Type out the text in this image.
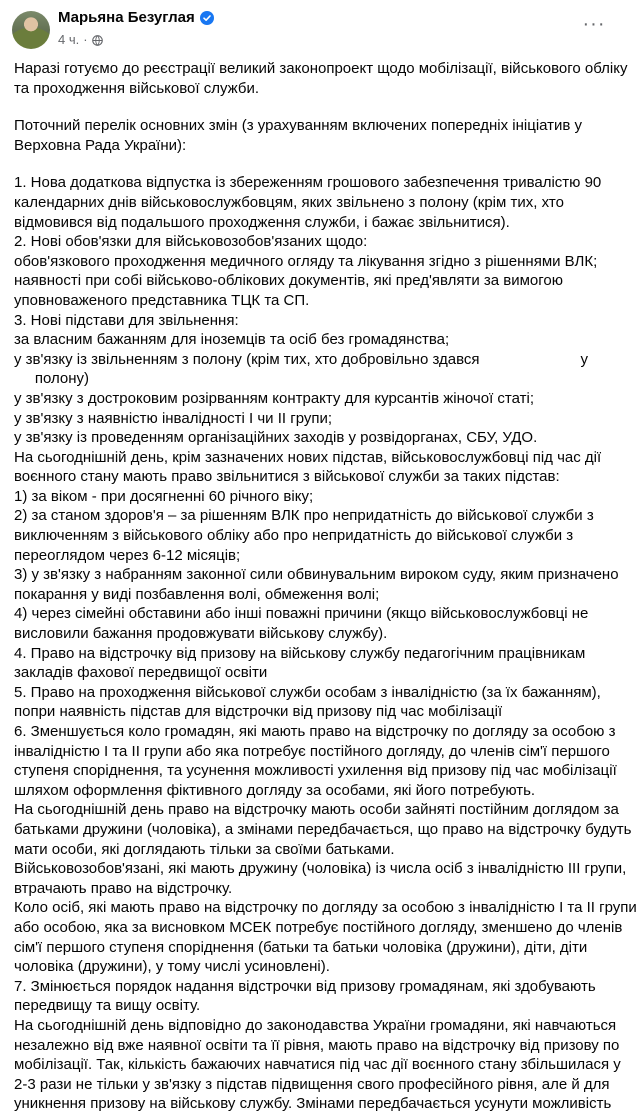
Марьяна Безуглая
4 ч. ·
···

Наразі готуємо до реєстрації великий законопроект щодо мобілізації, військового обліку
та проходження військової служби.

Поточний перелік основних змін (з урахуванням включених попередніх ініціатив у
Верховна Рада України):

1. Нова додаткова відпустка із збереженням грошового забезпечення тривалістю 90
календарних днів військовослужбовцям, яких звільнено з полону (крім тих, хто
відмовився від подальшого проходження служби, і бажає звільнитися).
2. Нові обов'язки для військовозобов'язаних щодо:
обов'язкового проходження медичного огляду та лікування згідно з рішеннями ВЛК;
наявності при собі військово-облікових документів, які пред'являти за вимогою
уповноваженого представника ТЦК та СП.
3. Нові підстави для звільнення:
за власним бажанням для іноземців та осіб без громадянства;
у зв'язку із звільненням з полону (крім тих, хто добровільно здався	у
полону)
у зв'язку з достроковим розірванням контракту для курсантів жіночої статі;
у зв'язку з наявністю інвалідності I чи II групи;
у зв'язку із проведенням організаційних заходів у розвідорганах, СБУ, УДО.
На сьогоднішній день, крім зазначених нових підстав, військовослужбовці під час дії
воєнного стану мають право звільнитися з військової служби за таких підстав:
1) за віком - при досягненні 60 річного віку;
2) за станом здоров'я – за рішенням ВЛК про непридатність до військової служби з
виключенням з військового обліку або про непридатність до військової служби з
переоглядом через 6-12 місяців;
3) у зв'язку з набранням законної сили обвинувальним вироком суду, яким призначено
покарання у виді позбавлення волі, обмеження волі;
4) через сімейні обставини або інші поважні причини (якщо військовослужбовці не
висловили бажання продовжувати військову службу).
4. Право на відстрочку від призову на військову службу педагогічним працівникам
закладів фахової передвищої освіти
5. Право на проходження військової служби особам з інвалідністю (за їх бажанням),
попри наявність підстав для відстрочки від призову під час мобілізації
6. Зменшується коло громадян, які мають право на відстрочку по догляду за особою з
інвалідністю I та II групи або яка потребує постійного догляду, до членів сім'ї першого
ступеня споріднення, та усунення можливості ухилення від призову під час мобілізації
шляхом оформлення фіктивного догляду за особами, які його потребують.
На сьогоднішній день право на відстрочку мають особи зайняті постійним доглядом за
батьками дружини (чоловіка), а змінами передбачається, що право на відстрочку будуть
мати особи, які доглядають тільки за своїми батьками.
Військовозобов'язані, які мають дружину (чоловіка) із числа осіб з інвалідністю III групи,
втрачають право на відстрочку.
Коло осіб, які мають право на відстрочку по догляду за особою з інвалідністю I та II групи
або особою, яка за висновком МСЕК потребує постійного догляду, зменшено до членів
сім'ї першого ступеня споріднення (батьки та батьки чоловіка (дружини), діти, діти
чоловіка (дружини), у тому числі усиновлені).
7. Змінюється порядок надання відстрочки від призову громадянам, які здобувають
передвищу та вищу освіту.
На сьогоднішній день відповідно до законодавства України громадяни, які навчаються
незалежно від вже наявної освіти та її рівня, мають право на відстрочку від призову по
мобілізації. Так, кількість бажаючих навчатися під час дії воєнного стану збільшилася у
2-3 рази не тільки у зв'язку з підстав підвищення свого професійного рівня, але й для
уникнення призову на військову службу. Змінами передбачається усунути можливість
